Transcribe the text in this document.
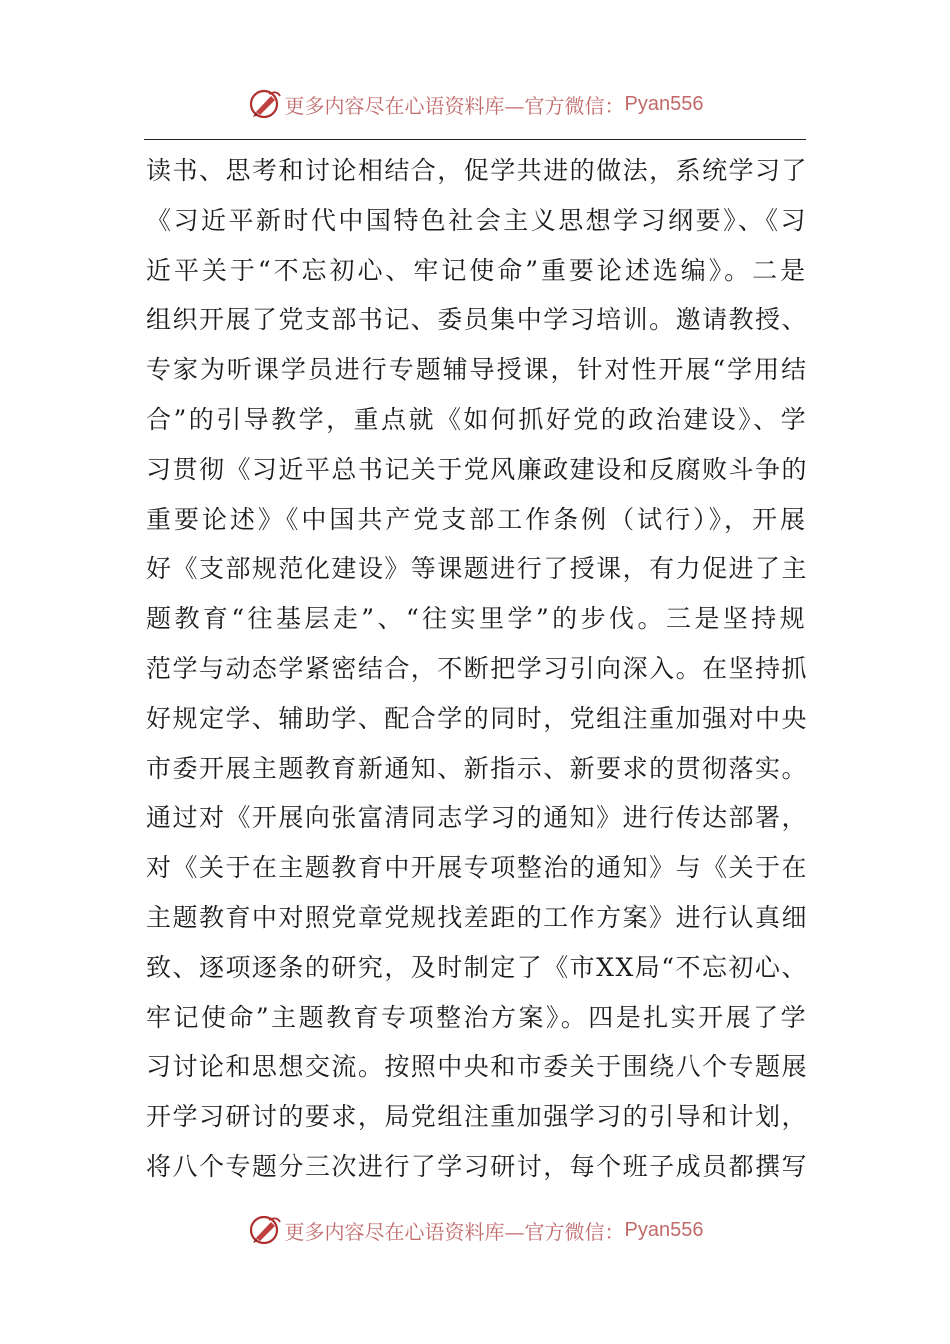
更多内容尽在心语资料库—官方微信： Pyan556
读书、思考和讨论相结合，促学共进的做法，系统学习了
《习近平新时代中国特色社会主义思想学习纲要》、《习
近平关于“不忘初心、牢记使命”重要论述选编》。二是
组织开展了党支部书记、委员集中学习培训。邀请教授、
专家为听课学员进行专题辅导授课，针对性开展“学用结
合”的引导教学，重点就《如何抓好党的政治建设》、学
习贯彻《习近平总书记关于党风廉政建设和反腐败斗争的
重要论述》《中国共产党支部工作条例（试行）》，开展
好《支部规范化建设》等课题进行了授课，有力促进了主
题教育“往基层走”、“往实里学”的步伐。三是坚持规
范学与动态学紧密结合，不断把学习引向深入。在坚持抓
好规定学、辅助学、配合学的同时，党组注重加强对中央
市委开展主题教育新通知、新指示、新要求的贯彻落实。
通过对《开展向张富清同志学习的通知》进行传达部署，
对《关于在主题教育中开展专项整治的通知》与《关于在
主题教育中对照党章党规找差距的工作方案》进行认真细
致、逐项逐条的研究，及时制定了《市XX局“不忘初心、
牢记使命”主题教育专项整治方案》。四是扎实开展了学
习讨论和思想交流。按照中央和市委关于围绕八个专题展
开学习研讨的要求，局党组注重加强学习的引导和计划，
将八个专题分三次进行了学习研讨，每个班子成员都撰写
更多内容尽在心语资料库—官方微信： Pyan556
